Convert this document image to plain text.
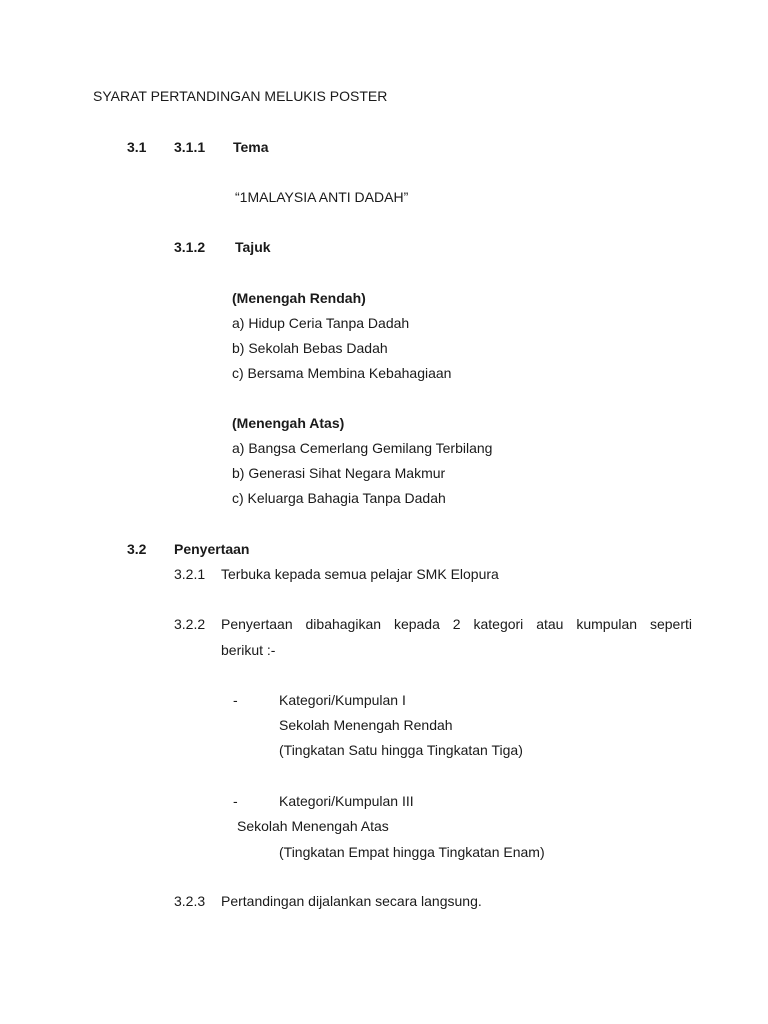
SYARAT PERTANDINGAN MELUKIS POSTER
3.1 3.1.1 Tema
“1MALAYSIA ANTI DADAH”
3.1.2 Tajuk
(Menengah Rendah)
a) Hidup Ceria Tanpa Dadah
b) Sekolah Bebas Dadah
c) Bersama Membina Kebahagiaan
(Menengah Atas)
a) Bangsa Cemerlang Gemilang Terbilang
b) Generasi Sihat Negara Makmur
c) Keluarga Bahagia Tanpa Dadah
3.2 Penyertaan
3.2.1 Terbuka kepada semua pelajar SMK Elopura
3.2.2 Penyertaan dibahagikan kepada 2 kategori atau kumpulan seperti
berikut :-
-	Kategori/Kumpulan I
Sekolah Menengah Rendah
(Tingkatan Satu hingga Tingkatan Tiga)
-	Kategori/Kumpulan III
Sekolah Menengah Atas
(Tingkatan Empat hingga Tingkatan Enam)
3.2.3 Pertandingan dijalankan secara langsung.
